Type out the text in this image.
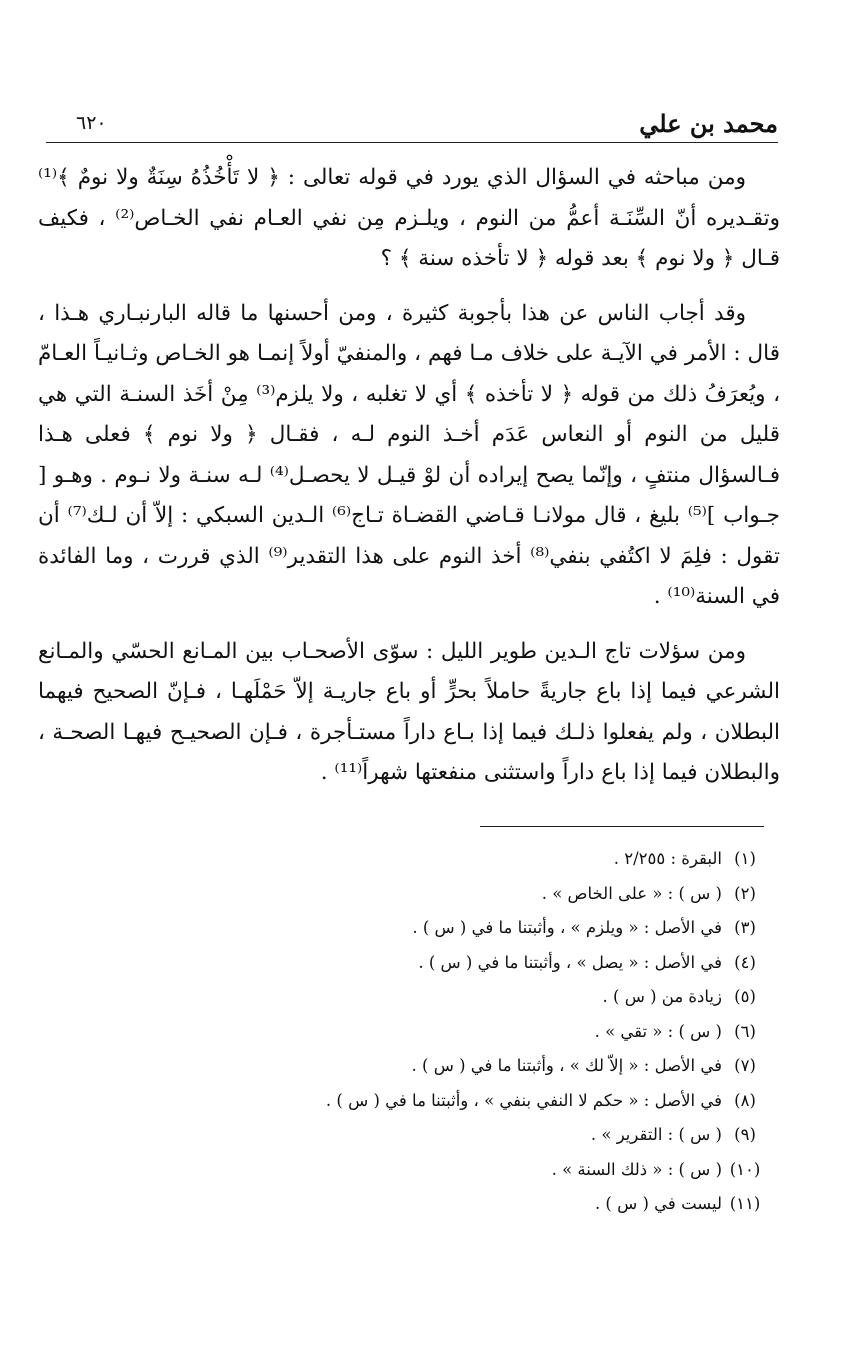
محمد بن علي
٦٢٠

ومن مباحثه في السؤال الذي يورد في قوله تعالى : ﴿ لا تَأْخُذُهُ سِنَةٌ ولا نومٌ ﴾⁽¹⁾ وتقـديره أنّ السِّنَـة أعمُّ من النوم ، ويلـزم مِن نفي العـام نفي الخـاص⁽²⁾ ، فكيف قـال ﴿ ولا نوم ﴾ بعد قوله ﴿ لا تأخذه سنة ﴾ ؟

وقد أجاب الناس عن هذا بأجوبة كثيرة ، ومن أحسنها ما قاله البارنبـاري هـذا ، قال : الأمر في الآيـة على خلاف مـا فهم ، والمنفيّ أولاً إنمـا هو الخـاص وثـانيـاً العـامّ ، ويُعرَفُ ذلك من قوله ﴿ لا تأخذه ﴾ أي لا تغلبه ، ولا يلزم⁽³⁾ مِنْ أخَذ السنـة التي هي قليل من النوم أو النعاس عَدَم أخـذ النوم لـه ، فقـال ﴿ ولا نوم ﴾ فعلى هـذا فـالسؤال منتفٍ ، وإنّما يصح إيراده أن لوْ قيـل لا يحصـل⁽⁴⁾ لـه سنـة ولا نـوم . وهـو [ جـواب ]⁽⁵⁾ بليغ ، قال مولانـا قـاضي القضـاة تـاج⁽⁶⁾ الـدين السبكي : إلاّ أن لـك⁽⁷⁾ أن تقول : فلِمَ لا اكتُفي بنفي⁽⁸⁾ أخذ النوم على هذا التقدير⁽⁹⁾ الذي قررت ، وما الفائدة في السنة⁽¹⁰⁾ .

ومن سؤلات تاج الـدين طوير الليل : سوّى الأصحـاب بين المـانع الحسّي والمـانع الشرعي فيما إذا باع جاريةً حاملاً بحرٍّ أو باع جاريـة إلاّ حَمْلَهـا ، فـإنّ الصحيح فيهما البطلان ، ولم يفعلوا ذلـك فيما إذا بـاع داراً مستـأجرة ، فـإن الصحيـح فيهـا الصحـة ، والبطلان فيما إذا باع داراً واستثنى منفعتها شهراً⁽¹¹⁾ .

(١)
البقرة : ٢/٢٥٥ .
(٢)
( س ) : « على الخاص » .
(٣)
في الأصل : « ويلزم » ، وأثبتنا ما في ( س ) .
(٤)
في الأصل : « يصل » ، وأثبتنا ما في ( س ) .
(٥)
زيادة من ( س ) .
(٦)
( س ) : « تقي » .
(٧)
في الأصل : « إلاّ لك » ، وأثبتنا ما في ( س ) .
(٨)
في الأصل : « حكم لا النفي بنفي » ، وأثبتنا ما في ( س ) .
(٩)
( س ) : التقرير » .
(١٠)
( س ) : « ذلك السنة » .
(١١)
ليست في ( س ) .
